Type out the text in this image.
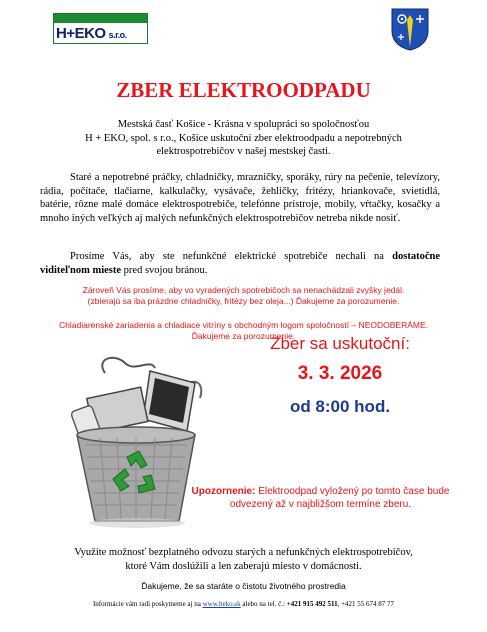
H+EKO s.r.o.
ZBER ELEKTROODPADU
Mestská časť Košice - Krásna v spolupráci so spoločnosťou
H + EKO, spol. s r.o., Košice uskutoční zber elektroodpadu a nepotrebných
elektrospotrebičov v našej mestskej časti.
Staré a nepotrebné práčky, chladničky, mrazničky, sporáky, rúry na pečenie, televízory, rádia, počítače, tlačiarne, kalkulačky, vysávače, žehličky, fritézy, hriankovače, svietidlá, batérie, rôzne malé domáce elektrospotrebiče, telefónne prístroje, mobily, vŕtačky, kosačky a mnoho iných veľkých aj malých nefunkčných elektrospotrebičov netreba nikde nosiť.
Prosíme Vás, aby ste nefunkčné elektrické spotrebiče nechali na dostatočne viditeľnom mieste pred svojou bránou.
Zároveň Vás prosíme, aby vo vyradených spotrebičoch sa nenachádzali zvyšky jedál.
(zbierajú sa iba prázdne chladničky, fritézy bez oleja...) Ďakujeme za porozumenie.
Chladiarenské zariadenia a chladiace vitríny s obchodným logom spoločností – NEODOBERÁME.
Ďakujeme za porozumenie.
Zber sa uskutoční:
3. 3. 2026
od 8:00 hod.
Upozornenie: Elektroodpad vyložený po tomto čase bude odvezený až v najbližšom termíne zberu.
Využite možnosť bezplatného odvozu starých a nefunkčných elektrospotrebičov,
ktoré Vám doslúžili a len zaberajú miesto v domácnosti.
Ďakujeme, že sa staráte o čistotu životného prostredia
Informácie vám radi poskytneme aj na www.heko.sk alebo na tel. č.: +421 915 492 511, +421 55 674 87 77
